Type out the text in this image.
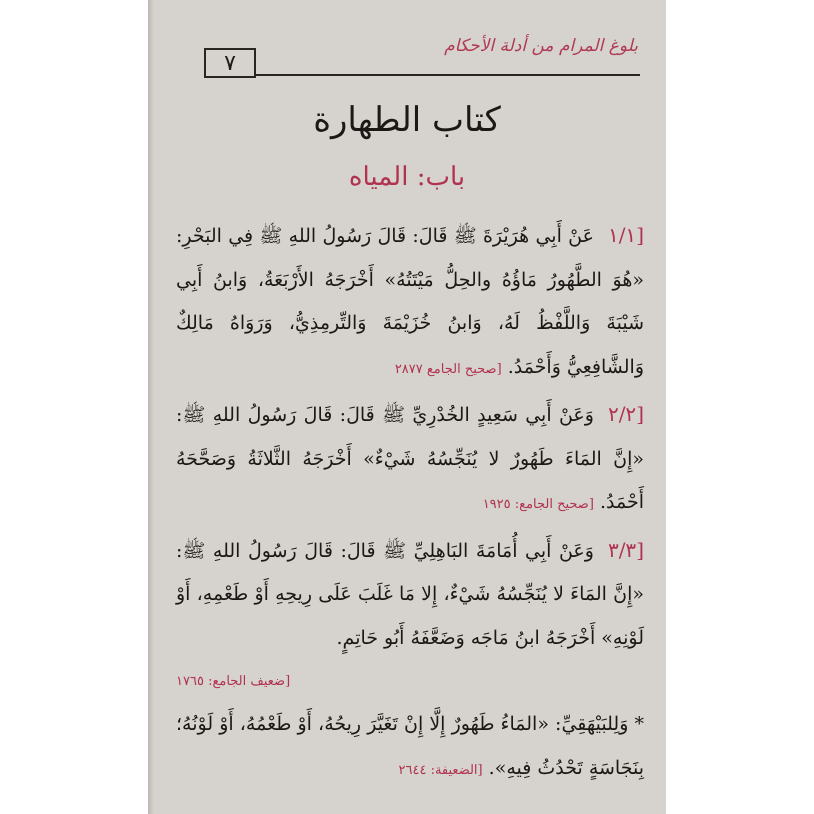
٧
بلوغ المرام من أدلة الأحكام
كتاب الطهارة
باب: المياه
[١/١عَنْ أَبِي هُرَيْرَةَ ﷺ قَالَ: قَالَ رَسُولُ اللهِ ﷺ فِي البَحْرِ: «هُوَ الطَّهُورُ مَاؤُهُ والحِلُّ مَيْتَتُهُ» أَخْرَجَهُ الأَرْبَعَةُ، وَابنُ أَبِي شَيْبَةَ وَاللَّفْظُ لَهُ، وَابنُ خُزَيْمَةَ وَالتِّرمِذِيُّ، وَرَوَاهُ مَالِكٌ وَالشَّافِعِيُّ وَأَحْمَدُ. [صحيح الجامع ٢٨٧٧
[٢/٢وَعَنْ أَبِي سَعِيدٍ الخُدْرِيِّ ﷺ قَالَ: قَالَ رَسُولُ اللهِ ﷺ: «إِنَّ المَاءَ طَهُورٌ لا يُنَجِّسُهُ شَيْءٌ» أَخْرَجَهُ الثَّلاثَةُ وَصَحَّحَهُ أَحْمَدُ. [صحيح الجامع: ١٩٢٥
[٣/٣وَعَنْ أَبِي أُمَامَةَ البَاهِلِيِّ ﷺ قَالَ: قَالَ رَسُولُ اللهِ ﷺ: «إِنَّ المَاءَ لا يُنَجِّسُهُ شَيْءٌ، إِلا مَا غَلَبَ عَلَى رِيحِهِ أَوْ طَعْمِهِ، أَوْ لَوْنِهِ» أَخْرَجَهُ ابنُ مَاجَه وَضَعَّفَهُ أَبُو حَاتِمٍ.
[ضعيف الجامع: ١٧٦٥
* وَلِلبَيْهَقِيِّ: «المَاءُ طَهُورٌ إِلَّا إِنْ تَغَيَّرَ رِيحُهُ، أَوْ طَعْمُهُ، أَوْ لَوْنُهُ؛ بِنَجَاسَةٍ تَحْدُثُ فِيهِ». [الضعيفة: ٢٦٤٤
